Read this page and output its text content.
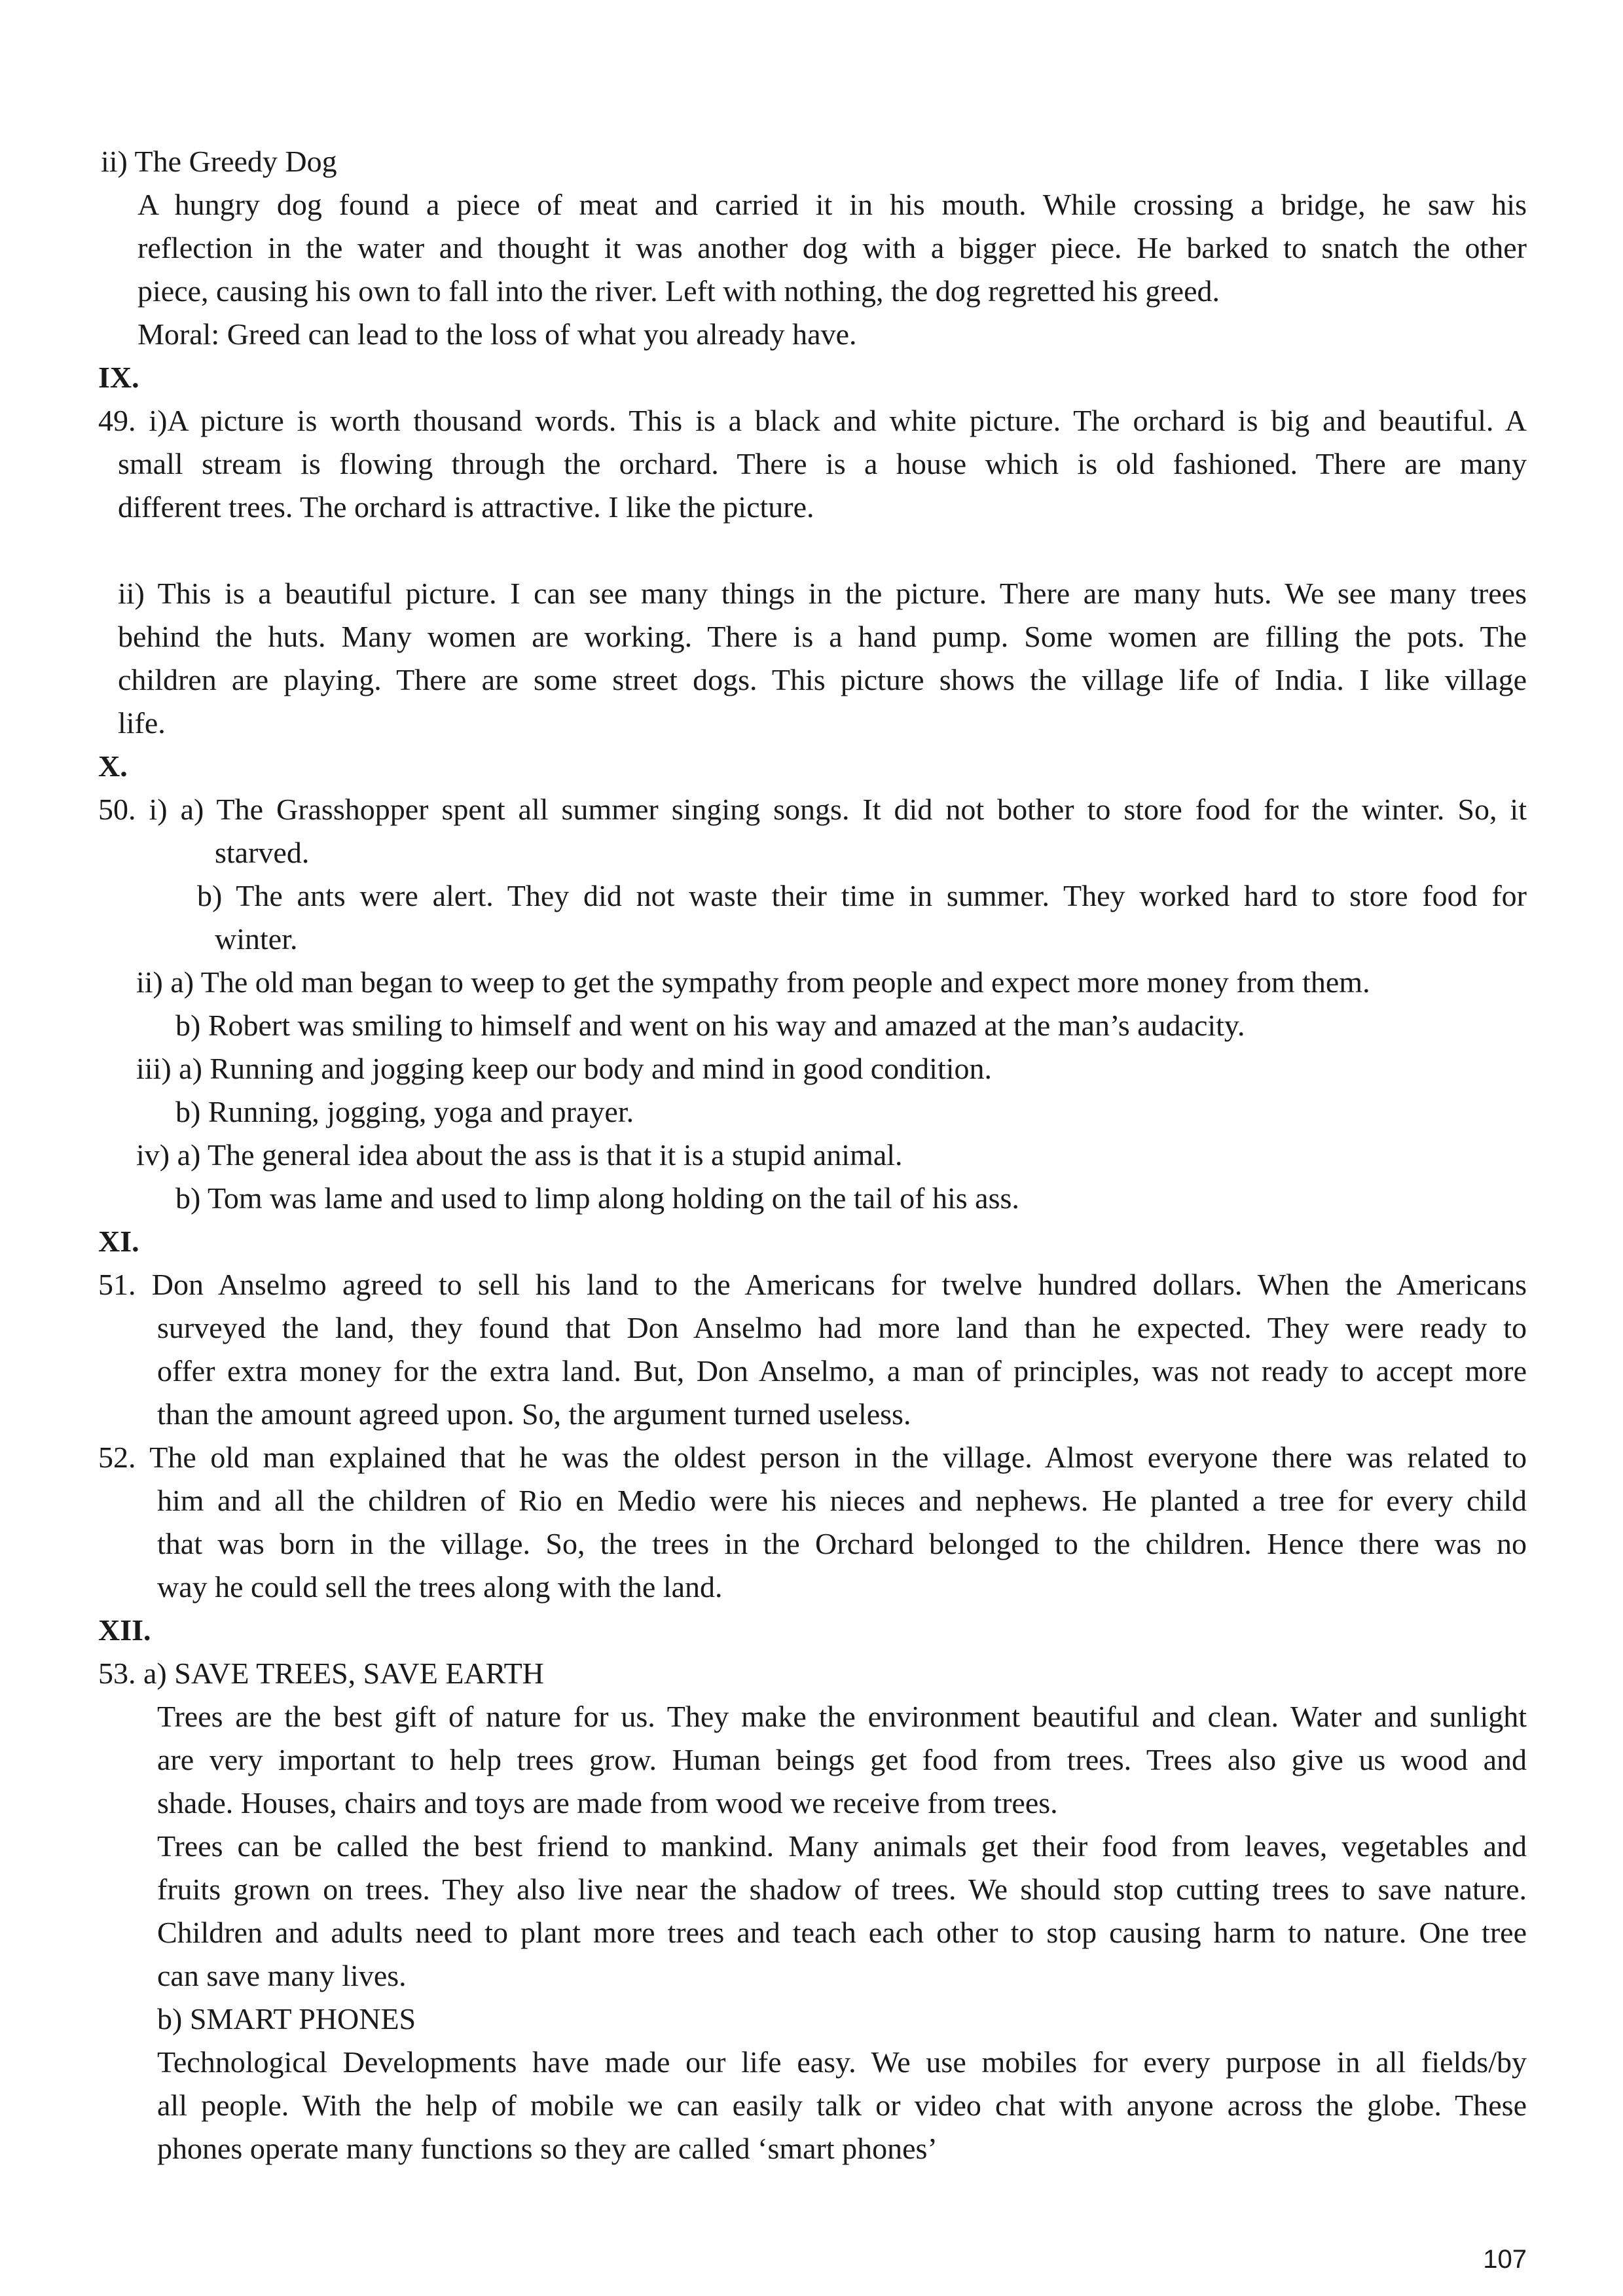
ii) The Greedy Dog

A hungry dog found a piece of meat and carried it in his mouth. While crossing a bridge, he saw his

reflection in the water and thought it was another dog with a bigger piece. He barked to snatch the other

piece, causing his own to fall into the river. Left with nothing, the dog regretted his greed.

Moral: Greed can lead to the loss of what you already have.

IX.

49. i)A picture is worth thousand words. This is a black and white picture. The orchard is big and beautiful. A

small stream is flowing through the orchard. There is a house which is old fashioned. There are many

different trees. The orchard is attractive. I like the picture.

ii) This is a beautiful picture. I can see many things in the picture. There are many huts. We see many trees

behind the huts. Many women are working. There is a hand pump. Some women are filling the pots. The

children are playing. There are some street dogs. This picture shows the village life of India. I like village

life.

X.

50. i) a) The Grasshopper spent all summer singing songs. It did not bother to store food for the winter. So, it

starved.

b) The ants were alert. They did not waste their time in summer. They worked hard to store food for

winter.

ii) a) The old man began to weep to get the sympathy from people and expect more money from them.

b) Robert was smiling to himself and went on his way and amazed at the man’s audacity.

iii) a) Running and jogging keep our body and mind in good condition.

b) Running, jogging, yoga and prayer.

iv) a) The general idea about the ass is that it is a stupid animal.

b) Tom was lame and used to limp along holding on the tail of his ass.

XI.

51. Don Anselmo agreed to sell his land to the Americans for twelve hundred dollars. When the Americans

surveyed the land, they found that Don Anselmo had more land than he expected. They were ready to

offer extra money for the extra land. But, Don Anselmo, a man of principles, was not ready to accept more

than the amount agreed upon. So, the argument turned useless.

52. The old man explained that he was the oldest person in the village. Almost everyone there was related to

him and all the children of Rio en Medio were his nieces and nephews. He planted a tree for every child

that was born in the village. So, the trees in the Orchard belonged to the children. Hence there was no

way he could sell the trees along with the land.

XII.

53. a) SAVE TREES, SAVE EARTH

Trees are the best gift of nature for us. They make the environment beautiful and clean. Water and sunlight

are very important to help trees grow. Human beings get food from trees. Trees also give us wood and

shade. Houses, chairs and toys are made from wood we receive from trees.

Trees can be called the best friend to mankind. Many animals get their food from leaves, vegetables and

fruits grown on trees. They also live near the shadow of trees. We should stop cutting trees to save nature.

Children and adults need to plant more trees and teach each other to stop causing harm to nature. One tree

can save many lives.

b) SMART PHONES

Technological Developments have made our life easy. We use mobiles for every purpose in all fields/by

all people. With the help of mobile we can easily talk or video chat with anyone across the globe. These

phones operate many functions so they are called ‘smart phones’

107
